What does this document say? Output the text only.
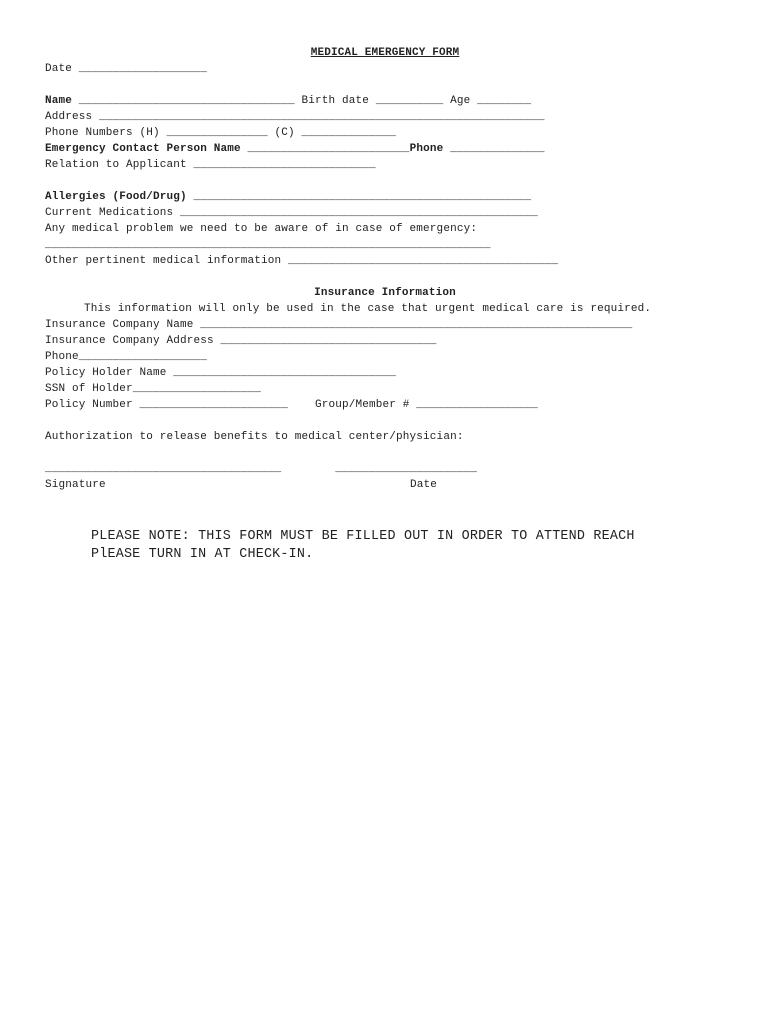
MEDICAL EMERGENCY FORM
Date ___________________
Name ________________________________ Birth date __________ Age ________
Address __________________________________________________________________
Phone Numbers (H) _______________ (C) ______________
Emergency Contact Person Name ________________________Phone ______________
Relation to Applicant ___________________________
Allergies (Food/Drug) __________________________________________________
Current Medications _____________________________________________________
Any medical problem we need to be aware of in case of emergency:
__________________________________________________________________
Other pertinent medical information ________________________________________
Insurance Information
This information will only be used in the case that urgent medical care is required.
Insurance Company Name ________________________________________________________________
Insurance Company Address ________________________________
Phone___________________
Policy Holder Name _________________________________
SSN of Holder___________________
Policy Number ______________________    Group/Member # __________________
Authorization to release benefits to medical center/physician:
___________________________________        _____________________
Signature	Date
PLEASE NOTE: THIS FORM MUST BE FILLED OUT IN ORDER TO ATTEND REACH
PlEASE TURN IN AT CHECK-IN.
